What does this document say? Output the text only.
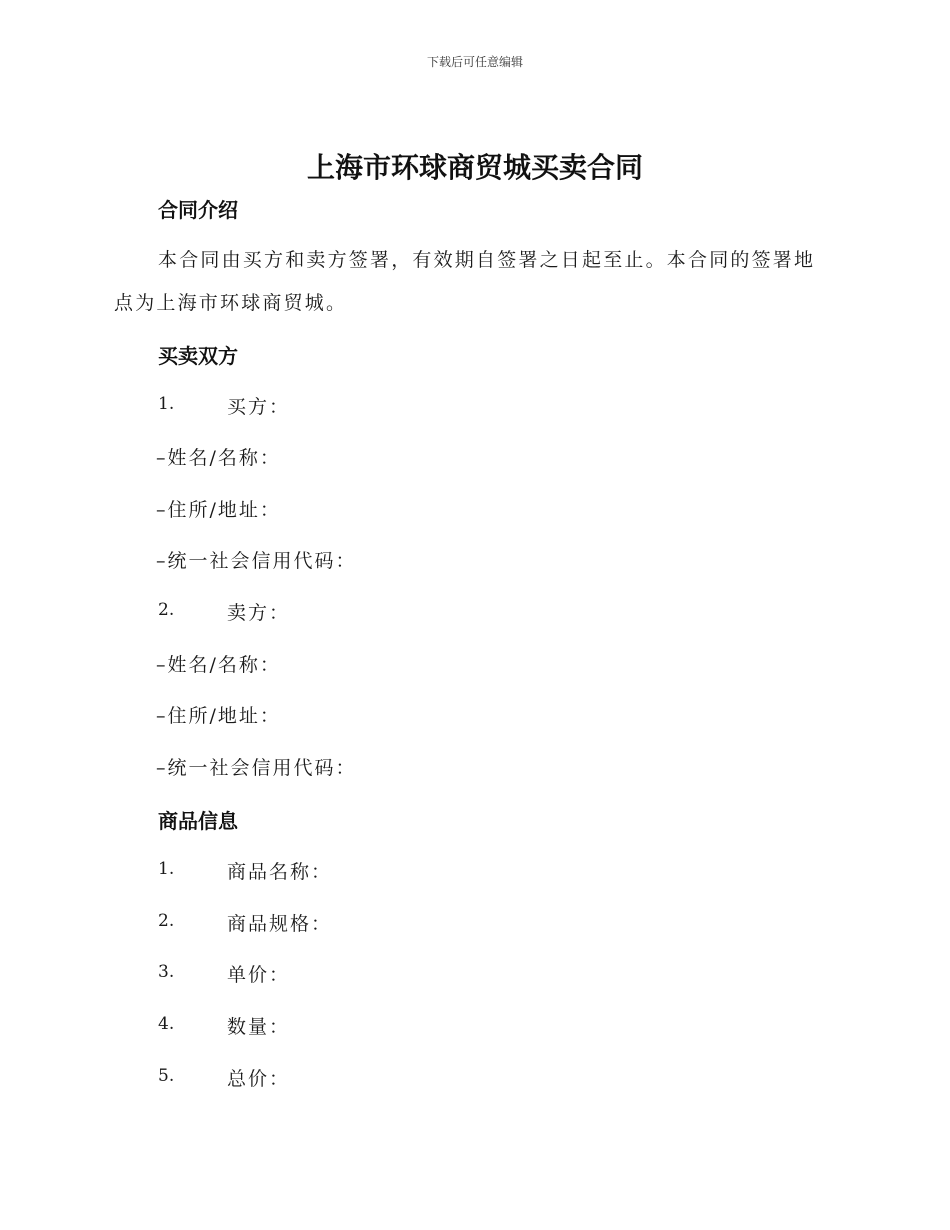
下载后可任意编辑
上海市环球商贸城买卖合同
合同介绍
本合同由买方和卖方签署，有效期自签署之日起至止。本合同的签署地
点为上海市环球商贸城。
买卖双方
1.	买方：
–姓名/名称：
–住所/地址：
–统一社会信用代码：
2.	卖方：
–姓名/名称：
–住所/地址：
–统一社会信用代码：
商品信息
1.	商品名称：
2.	商品规格：
3.	单价：
4.	数量：
5.	总价：
